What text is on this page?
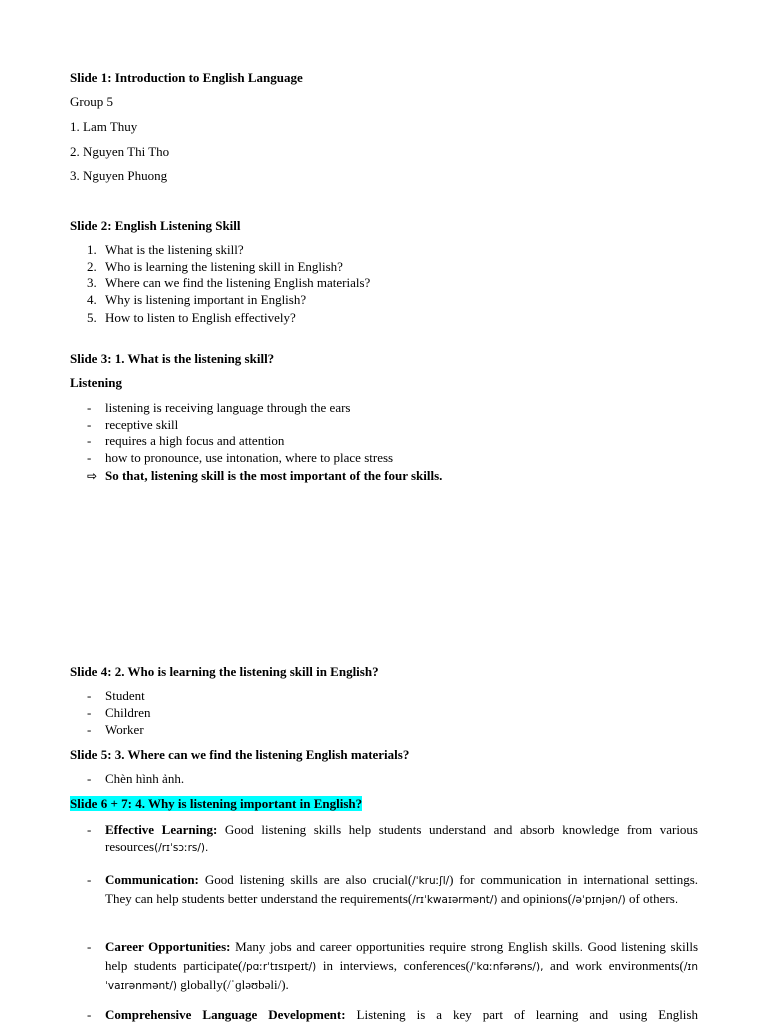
Slide 1: Introduction to English Language
Group 5
1. Lam Thuy
2. Nguyen Thi Tho
3. Nguyen Phuong
Slide 2: English Listening Skill
1. What is the listening skill?
2. Who is learning the listening skill in English?
3. Where can we find the listening English materials?
4. Why is listening important in English?
5. How to listen to English effectively?
Slide 3: 1. What is the listening skill?
Listening
- listening is receiving language through the ears
- receptive skill
- requires a high focus and attention
- how to pronounce, use intonation, where to place stress
⇨ So that, listening skill is the most important of the four skills.
Slide 4: 2. Who is learning the listening skill in English?
- Student
- Children
- Worker
Slide 5: 3. Where can we find the listening English materials?
- Chèn hình ảnh.
Slide 6 + 7: 4. Why is listening important in English?
-	Effective Learning: Good listening skills help students understand and absorb knowledge from various resources(/rɪˈsɔːrs/).
-	Communication: Good listening skills are also crucial(/ˈkruːʃl/) for communication in international settings. They can help students better understand the requirements(/rɪˈkwaɪərmənt/) and opinions(/əˈpɪnjən/) of others.
-	Career Opportunities: Many jobs and career opportunities require strong English skills. Good listening skills help students participate(/pɑːrˈtɪsɪpeɪt/) in interviews, conferences(/ˈkɑːnfərəns/), and work environments(/ɪnˈvaɪrənmənt/) globally(/ˈɡləʊbəli/).
-	Comprehensive Language Development: Listening is a key part of learning and using English
